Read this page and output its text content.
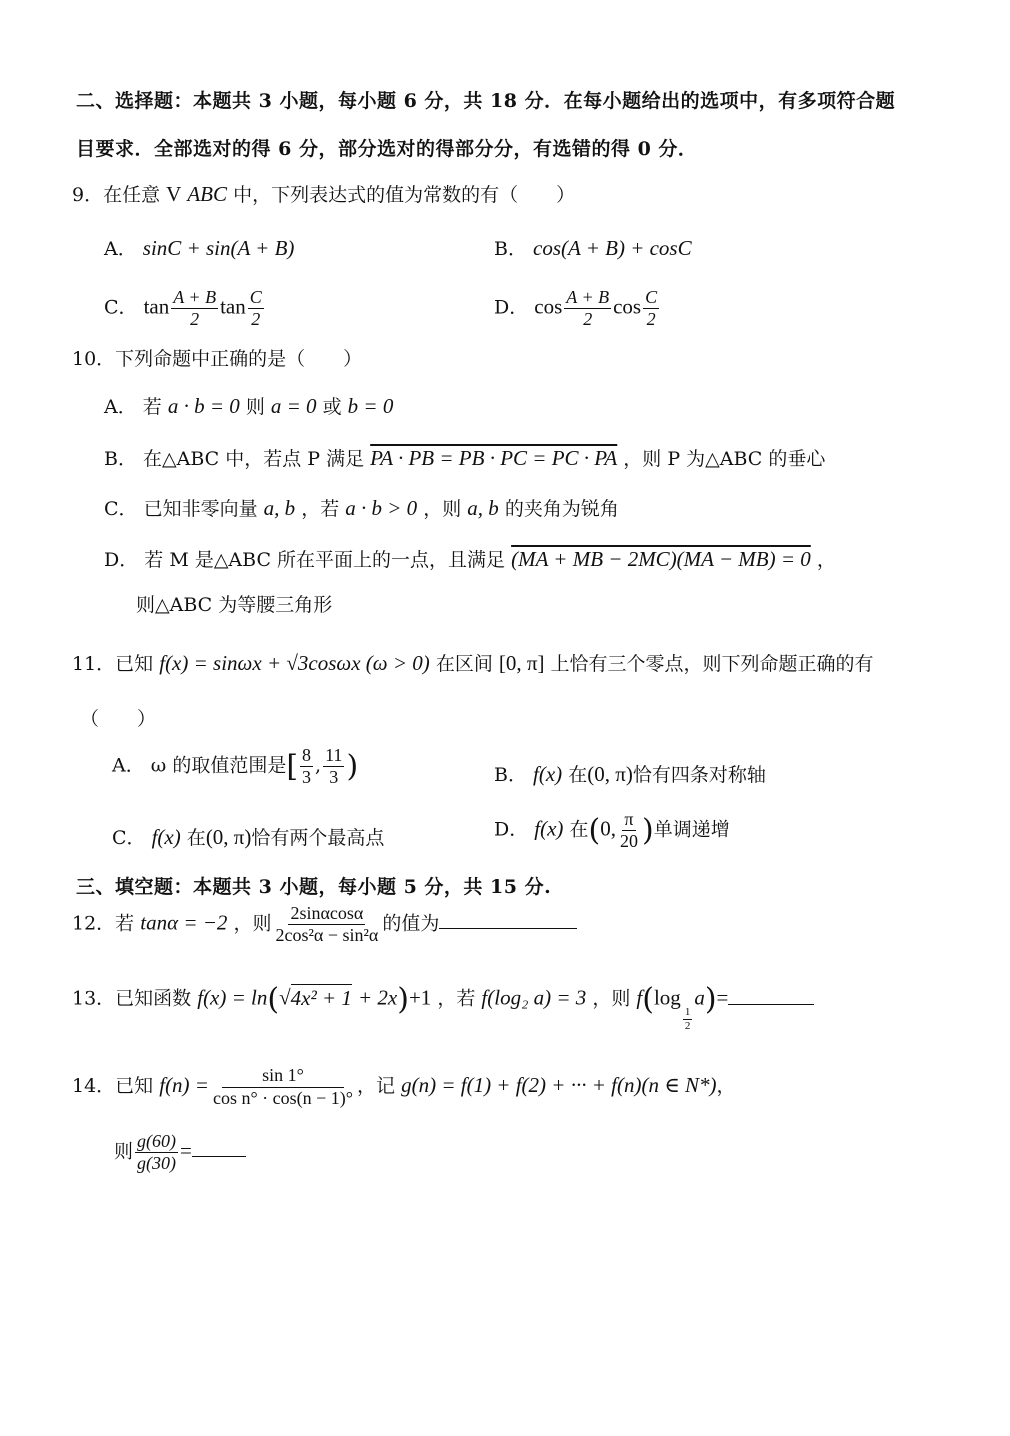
二、选择题：本题共 3 小题，每小题 6 分，共 18 分．在每小题给出的选项中，有多项符合题
目要求．全部选对的得 6 分，部分选对的得部分分，有选错的得 0 分．
9．在任意 V ABC 中，下列表达式的值为常数的有（　　）
A． sinC + sin(A + B)	B． cos(A + B) + cosC
C． $\tan \frac{A + B}{2}$ $\tan \frac{C}{2}$	D． $\cos \frac{A + B}{2}$ $\cos \frac{C}{2}$
10．下列命题中正确的是（　　）
A． 若 a · b = 0 则 a = 0 或 b = 0
B． 在△ABC 中，若点 P 满足 PA · PB = PB · PC = PC · PA ，则 P 为△ABC 的垂心
C． 已知非零向量 a, b ，若 a · b > 0 ，则 a, b 的夹角为锐角
D． 若 M 是△ABC 所在平面上的一点，且满足 (MA + MB − 2MC)(MA − MB) = 0 ，
则△ABC 为等腰三角形
11．已知 f(x) = sinωx + √3cosωx (ω > 0) 在区间 [0, π] 上恰有三个零点，则下列命题正确的有
（　　）
A． ω 的取值范围是[ $\frac{8}{3}$ , $\frac{11}{3}$ )	B． f(x) 在(0, π)恰有四条对称轴
C． f(x) 在(0, π)恰有两个最高点	D． f(x) 在(0, $\frac{\pi}{20}$ )单调递增
三、填空题：本题共 3 小题，每小题 5 分，共 15 分.
12．若 tanα = −2 ，则 $\frac{2\sin\alpha\cos\alpha}{\text{2cos²α − sin²α}}$ 的值为
13．已知函数 f(x) = ln(√4x² + 1 + 2x)+1 ，若 f(log₂ a) = 3 ，则 f(log
$\frac{1}{2}$
a)=
14．已知 $f(n) = \frac{\sin 1^\circ}{\text{cos n° · cos(n − 1)°}}$ ，记 g(n) = f(1) + f(2) + ··· + f(n)(n ∈ N*)，
则 $\frac{g(60)}{g(30)}$ =
